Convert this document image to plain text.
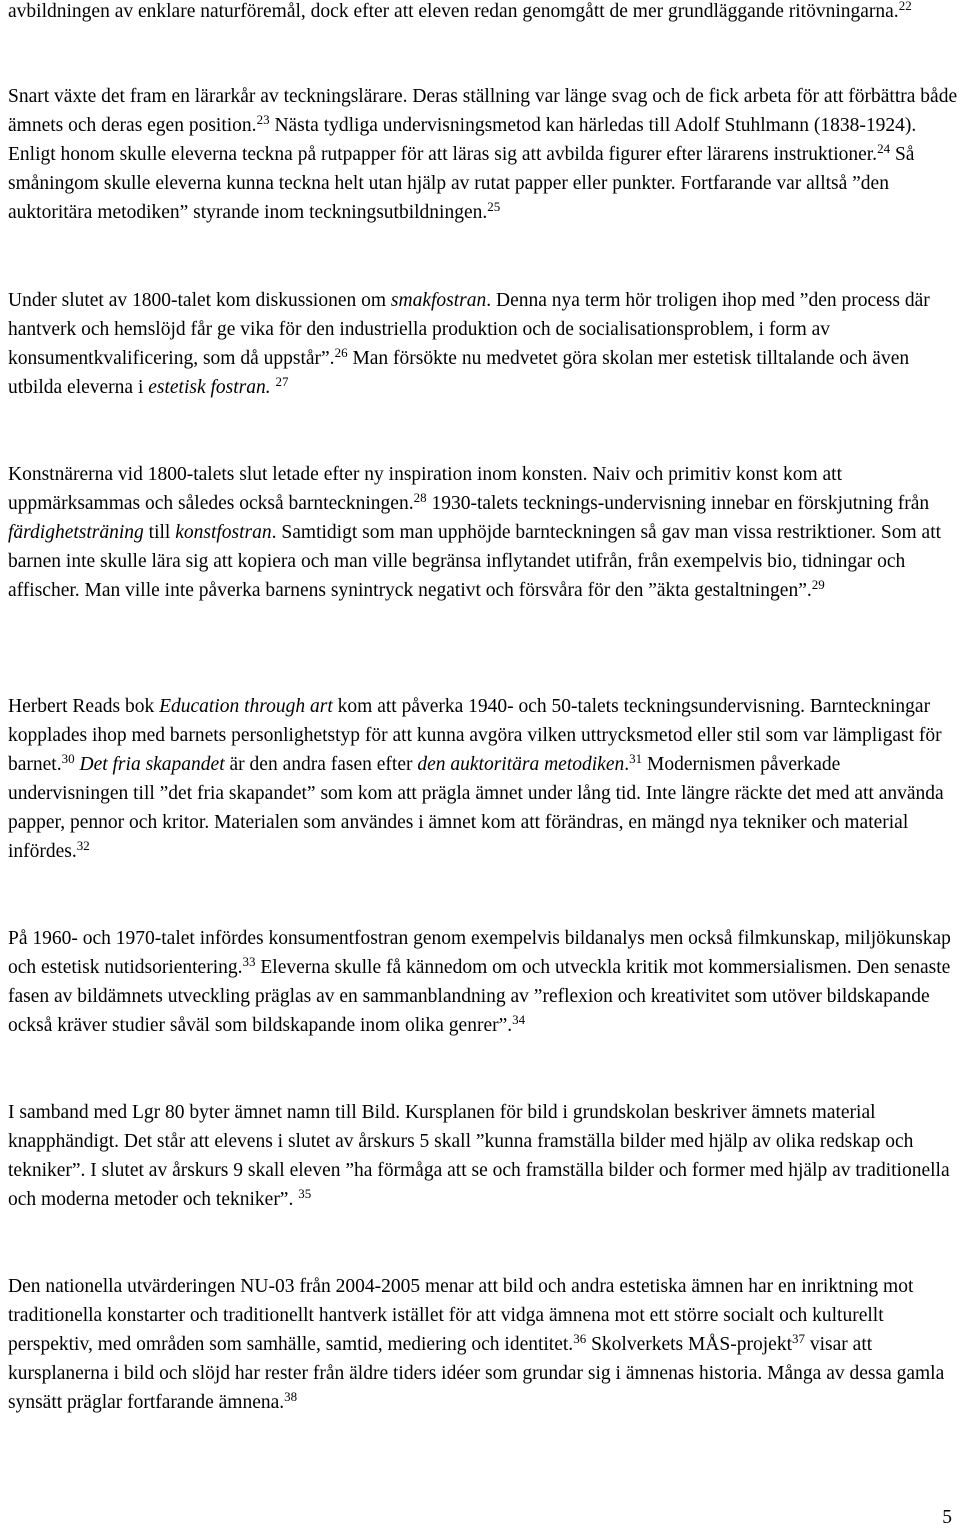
avbildningen av enklare naturföremål, dock efter att eleven redan genomgått de mer grundläggande ritövningarna.$^{22}$

Snart växte det fram en lärarkår av teckningslärare. Deras ställning var länge svag och de fick arbeta för att förbättra både ämnets och deras egen position.$^{23}$ Nästa tydliga undervisningsmetod kan härledas till Adolf Stuhlmann (1838-1924). Enligt honom skulle eleverna teckna på rutpapper för att läras sig att avbilda figurer efter lärarens instruktioner.$^{24}$ Så småningom skulle eleverna kunna teckna helt utan hjälp av rutat papper eller punkter. Fortfarande var alltså ”den auktoritära metodiken” styrande inom teckningsutbildningen.$^{25}$

Under slutet av 1800-talet kom diskussionen om smakfostran. Denna nya term hör troligen ihop med ”den process där hantverk och hemslöjd får ge vika för den industriella produktion och de socialisationsproblem, i form av konsumentkvalificering, som då uppstår”.$^{26}$ Man försökte nu medvetet göra skolan mer estetisk tilltalande och även utbilda eleverna i estetisk fostran. $^{27}$

Konstnärerna vid 1800-talets slut letade efter ny inspiration inom konsten. Naiv och primitiv konst kom att uppmärksammas och således också barnteckningen.$^{28}$ 1930-talets tecknings-undervisning innebar en förskjutning från färdighetsträning till konstfostran. Samtidigt som man upphöjde barnteckningen så gav man vissa restriktioner. Som att barnen inte skulle lära sig att kopiera och man ville begränsa inflytandet utifrån, från exempelvis bio, tidningar och affischer. Man ville inte påverka barnens synintryck negativt och försvåra för den ”äkta gestaltningen”.$^{29}$

Herbert Reads bok Education through art kom att påverka 1940- och 50-talets teckningsundervisning. Barnteckningar kopplades ihop med barnets personlighetstyp för att kunna avgöra vilken uttrycksmetod eller stil som var lämpligast för barnet.$^{30}$ Det fria skapandet är den andra fasen efter den auktoritära metodiken.$^{31}$ Modernismen påverkade undervisningen till ”det fria skapandet” som kom att prägla ämnet under lång tid. Inte längre räckte det med att använda papper, pennor och kritor. Materialen som användes i ämnet kom att förändras, en mängd nya tekniker och material infördes.$^{32}$

På 1960- och 1970-talet infördes konsumentfostran genom exempelvis bildanalys men också filmkunskap, miljökunskap och estetisk nutidsorientering.$^{33}$ Eleverna skulle få kännedom om och utveckla kritik mot kommersialismen. Den senaste fasen av bildämnets utveckling präglas av en sammanblandning av ”reflexion och kreativitet som utöver bildskapande också kräver studier såväl som bildskapande inom olika genrer”.$^{34}$

I samband med Lgr 80 byter ämnet namn till Bild. Kursplanen för bild i grundskolan beskriver ämnets material knapphändigt. Det står att elevens i slutet av årskurs 5 skall ”kunna framställa bilder med hjälp av olika redskap och tekniker”. I slutet av årskurs 9 skall eleven ”ha förmåga att se och framställa bilder och former med hjälp av traditionella och moderna metoder och tekniker”. $^{35}$

Den nationella utvärderingen NU-03 från 2004-2005 menar att bild och andra estetiska ämnen har en inriktning mot traditionella konstarter och traditionellt hantverk istället för att vidga ämnena mot ett större socialt och kulturellt perspektiv, med områden som samhälle, samtid, mediering och identitet.$^{36}$ Skolverkets MÅS-projekt$^{37}$ visar att kursplanerna i bild och slöjd har rester från äldre tiders idéer som grundar sig i ämnenas historia. Många av dessa gamla synsätt präglar fortfarande ämnena.$^{38}$

5
